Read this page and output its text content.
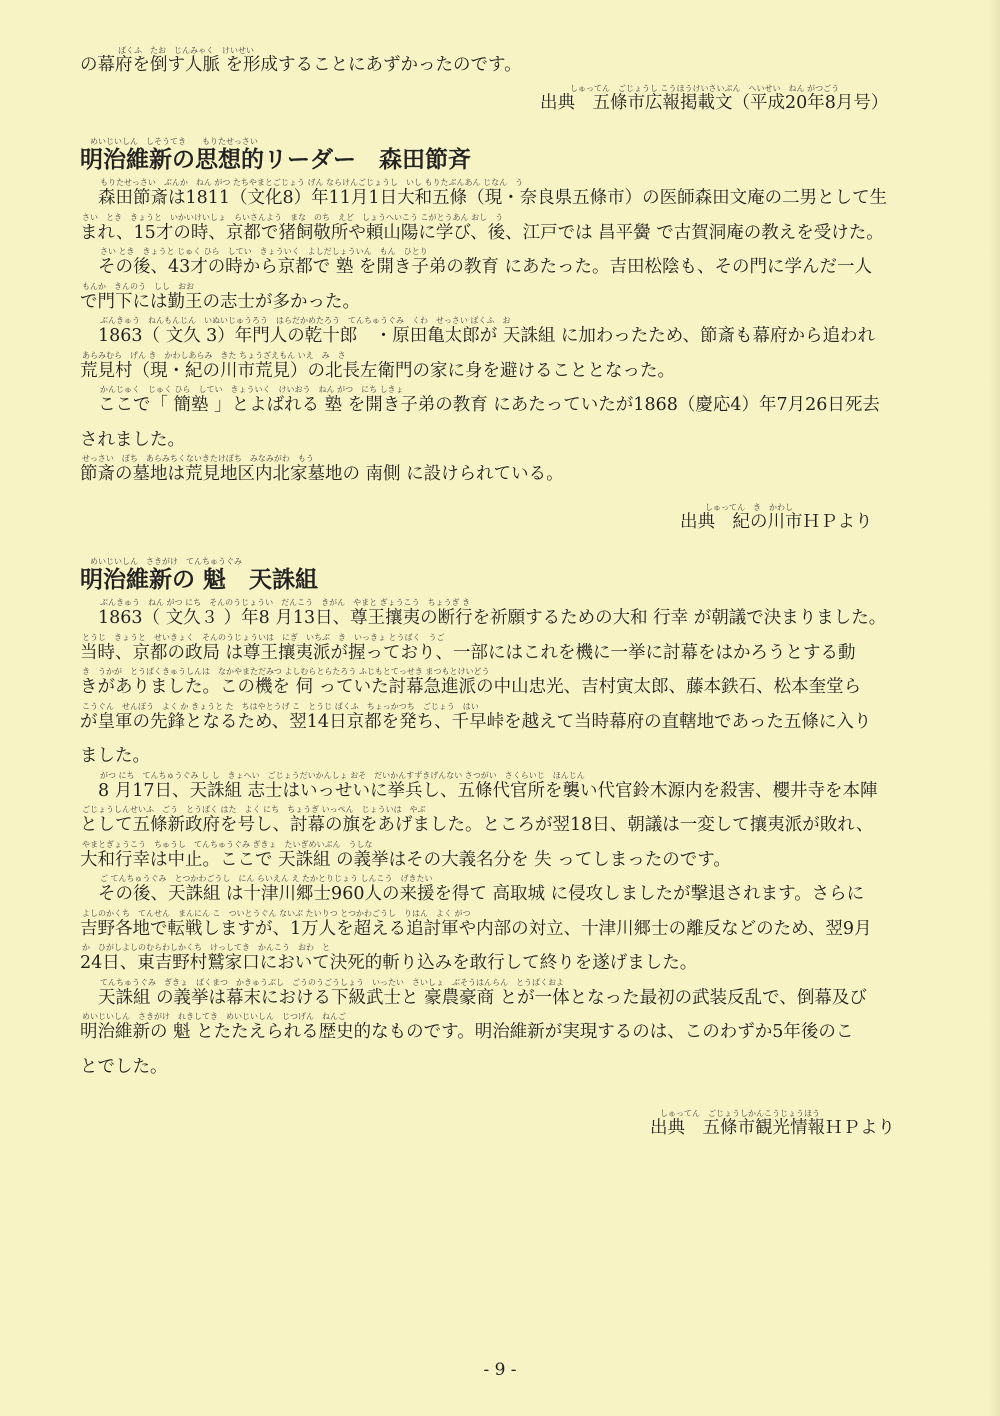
ばくふ　たお　じんみゃく　けいせい
の幕府を倒す人脈 を形成することにあずかったのです。
しゅってん　ごじょうし こうほうけいさいぶん　へいせい　ねん がつごう
出典　五條市広報掲載文（平成20年8月号）
めいじいしん　しそうてき　　もりたせっさい
明治維新の思想的リーダー　森田節斉
もりたせっさい　ぶんか　ねん がつ たちやまとごじょう げん ならけんごじょうし　いし もりたぶんあん じなん　う
森田節斎は1811（文化8）年11月1日大和五條（現・奈良県五條市）の医師森田文庵の二男として生
さい　とき　きょうと　いかいけいしょ　らいさんよう　まな　のち　えど　しょうへいこう こがとうあん おし　う
まれ、15才の時、京都で猪飼敬所や頼山陽に学び、後、江戸では 昌平黌 で古賀洞庵の教えを受けた。
さい とき　きょうと じゅく ひら　してい　きょういく　よしだしょういん　もん　ひとり
その後、43才の時から京都で 塾 を開き子弟の教育 にあたった。吉田松陰も、その門に学んだ一人
もんか　きんのう　しし　おお
で門下には勤王の志士が多かった。
ぶんきゅう　ねんもんじん　いぬいじゅうろう　はらだかめたろう　てんちゅうぐみ　くわ　せっさい ばくふ　お
1863（ 文久 3）年門人の乾十郎　・原田亀太郎が 天誅組 に加わったため、節斎も幕府から追われ
あらみむら　げん き　かわしあらみ　きた ちょうざえもん いえ　み　さ
荒見村（現・紀の川市荒見）の北長左衛門の家に身を避けることとなった。
かんじゅく　じゅく ひら　してい　きょういく　けいおう　ねん がつ　にち しきょ
ここで「 簡塾 」とよばれる 塾 を開き子弟の教育 にあたっていたが1868（慶応4）年7月26日死去
されました。
せっさい　ぼち　あらみちくないきたけぼち　みなみがわ　もう
節斎の墓地は荒見地区内北家墓地の 南側 に設けられている。
しゅってん　き　かわし
出典　紀の川市ＨＰより
めいじいしん　さきがけ　てんちゅうぐみ
明治維新の 魁　天誅組
ぶんきゅう　ねん がつ にち　そんのうじょうい　だんこう　きがん　やまと ぎょうこう　ちょうぎ き
1863（ 文久３ ）年8 月13日、尊王攘夷の断行を祈願するための大和 行幸 が朝議で決まりました。
とうじ　きょうと　せいきょく　そんのうじょういは　にぎ　いちぶ　き　いっきょ とうばく　うご
当時、京都の政局 は尊王攘夷派が握っており、一部にはこれを機に一挙に討幕をはかろうとする動
き　うかが　とうばくきゅうしんは　なかやまただみつ よしむらとらたろう ふじもとてっせき まつもとけいどう
きがありました。この機を 伺 っていた討幕急進派の中山忠光、吉村寅太郎、藤本鉄石、松本奎堂ら
こうぐん　せんぽう　よく か きょうと た　ちはやとうげ こ　とうじ ばくふ　ちょっかつち　ごじょう　はい
が皇軍の先鋒となるため、翌14日京都を発ち、千早峠を越えて当時幕府の直轄地であった五條に入り
ました。
がつ にち　てんちゅうぐみ し し　きょへい　ごじょうだいかんしょ おそ　だいかんすずきげんない さつがい　さくらいじ　ほんじん
8 月17日、天誅組 志士はいっせいに挙兵し、五條代官所を襲い代官鈴木源内を殺害、櫻井寺を本陣
ごじょうしんせいふ　ごう　とうばく はた　よく にち　ちょうぎ いっぺん　じょういは　やぶ
として五條新政府を号し、討幕の旗をあげました。ところが翌18日、朝議は一変して攘夷派が敗れ、
やまとぎょうこう　ちゅうし　てんちゅうぐみ ぎきょ　たいぎめいぶん　うしな
大和行幸は中止。ここで 天誅組 の義挙はその大義名分を 失 ってしまったのです。
ご てんちゅうぐみ　とつかわごうし　にん らいえん え たかとりじょう しんこう　げきたい
その後、天誅組 は十津川郷士960人の来援を得て 高取城 に侵攻しましたが撃退されます。さらに
よしのかくち　てんせん　まんにん こ　ついとうぐん ないぶ たいりつ とつかわごうし　りはん　よく がつ
吉野各地で転戦しますが、1万人を超える追討軍や内部の対立、十津川郷士の離反などのため、翌9月
か　ひがしよしのむらわしかくち　けっしてき　かんこう　おわ　と
24日、東吉野村鷲家口において決死的斬り込みを敢行して終りを遂げました。
てんちゅうぐみ　ぎきょ　ばくまつ　かきゅうぶし　ごうのうごうしょう　いったい　さいしょ　ぶそうはんらん　とうばくおよ
天誅組 の義挙は幕末における下級武士と 豪農豪商 とが一体となった最初の武装反乱で、倒幕及び
めいじいしん　さきがけ　れきしてき　めいじいしん　じつげん　ねんご
明治維新の 魁 とたたえられる歴史的なものです。明治維新が実現するのは、このわずか5年後のこ
とでした。
しゅってん　ごじょうしかんこうじょうほう
出典　五條市観光情報ＨＰより
- 9 -
